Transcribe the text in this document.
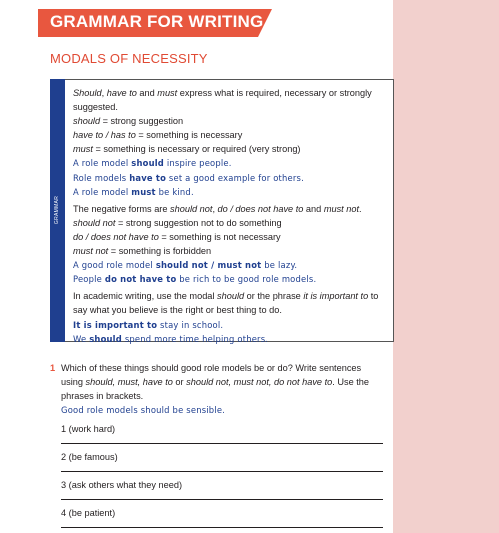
GRAMMAR FOR WRITING
MODALS OF NECESSITY
GRAMMAR

Should, have to and must express what is required, necessary or strongly suggested.

should = strong suggestion

have to / has to = something is necessary

must = something is necessary or required (very strong)

A role model should inspire people.

Role models have to set a good example for others.

A role model must be kind.

The negative forms are should not, do / does not have to and must not.

should not = strong suggestion not to do something

do / does not have to = something is not necessary

must not = something is forbidden

A good role model should not / must not be lazy.

People do not have to be rich to be good role models.

In academic writing, use the modal should or the phrase it is important to to say what you believe is the right or best thing to do.

It is important to stay in school.

We should spend more time helping others.

1 Which of these things should good role models be or do? Write sentences using should, must, have to or should not, must not, do not have to. Use the phrases in brackets.

Good role models should be sensible.
1 (work hard)
2 (be famous)
3 (ask others what they need)
4 (be patient)
